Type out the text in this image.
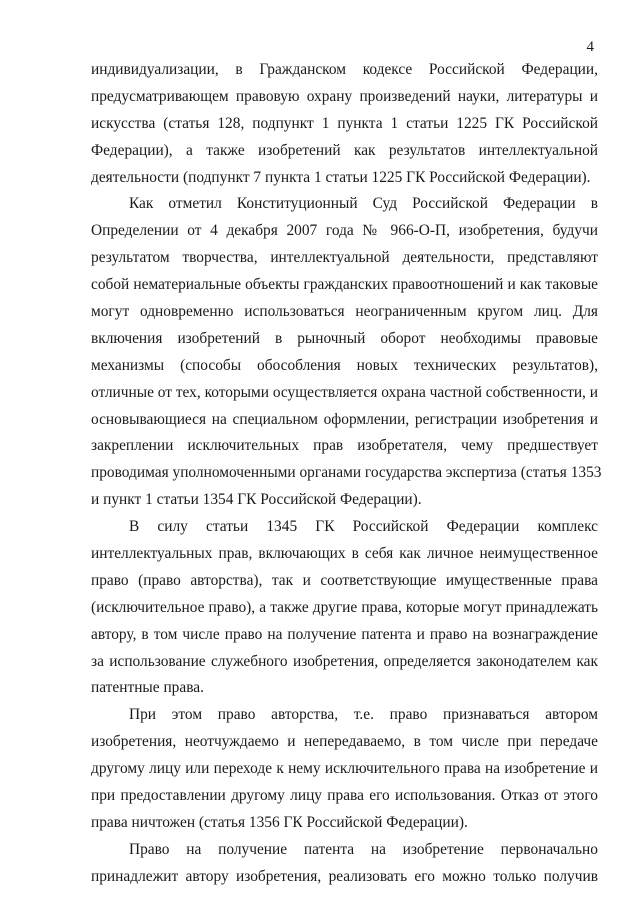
4
индивидуализации, в Гражданском кодексе Российской Федерации,
предусматривающем правовую охрану произведений науки, литературы и
искусства (статья 128, подпункт 1 пункта 1 статьи 1225 ГК Российской
Федерации), а также изобретений как результатов интеллектуальной
деятельности (подпункт 7 пункта 1 статьи 1225 ГК Российской Федерации).
Как отметил Конституционный Суд Российской Федерации в
Определении от 4 декабря 2007 года № 966-О-П, изобретения, будучи
результатом творчества, интеллектуальной деятельности, представляют
собой нематериальные объекты гражданских правоотношений и как таковые
могут одновременно использоваться неограниченным кругом лиц. Для
включения изобретений в рыночный оборот необходимы правовые
механизмы (способы обособления новых технических результатов),
отличные от тех, которыми осуществляется охрана частной собственности, и
основывающиеся на специальном оформлении, регистрации изобретения и
закреплении исключительных прав изобретателя, чему предшествует
проводимая уполномоченными органами государства экспертиза (статья 1353
и пункт 1 статьи 1354 ГК Российской Федерации).
В силу статьи 1345 ГК Российской Федерации комплекс
интеллектуальных прав, включающих в себя как личное неимущественное
право (право авторства), так и соответствующие имущественные права
(исключительное право), а также другие права, которые могут принадлежать
автору, в том числе право на получение патента и право на вознаграждение
за использование служебного изобретения, определяется законодателем как
патентные права.
При этом право авторства, т.е. право признаваться автором
изобретения, неотчуждаемо и непередаваемо, в том числе при передаче
другому лицу или переходе к нему исключительного права на изобретение и
при предоставлении другому лицу права его использования. Отказ от этого
права ничтожен (статья 1356 ГК Российской Федерации).
Право на получение патента на изобретение первоначально
принадлежит автору изобретения, реализовать его можно только получив
